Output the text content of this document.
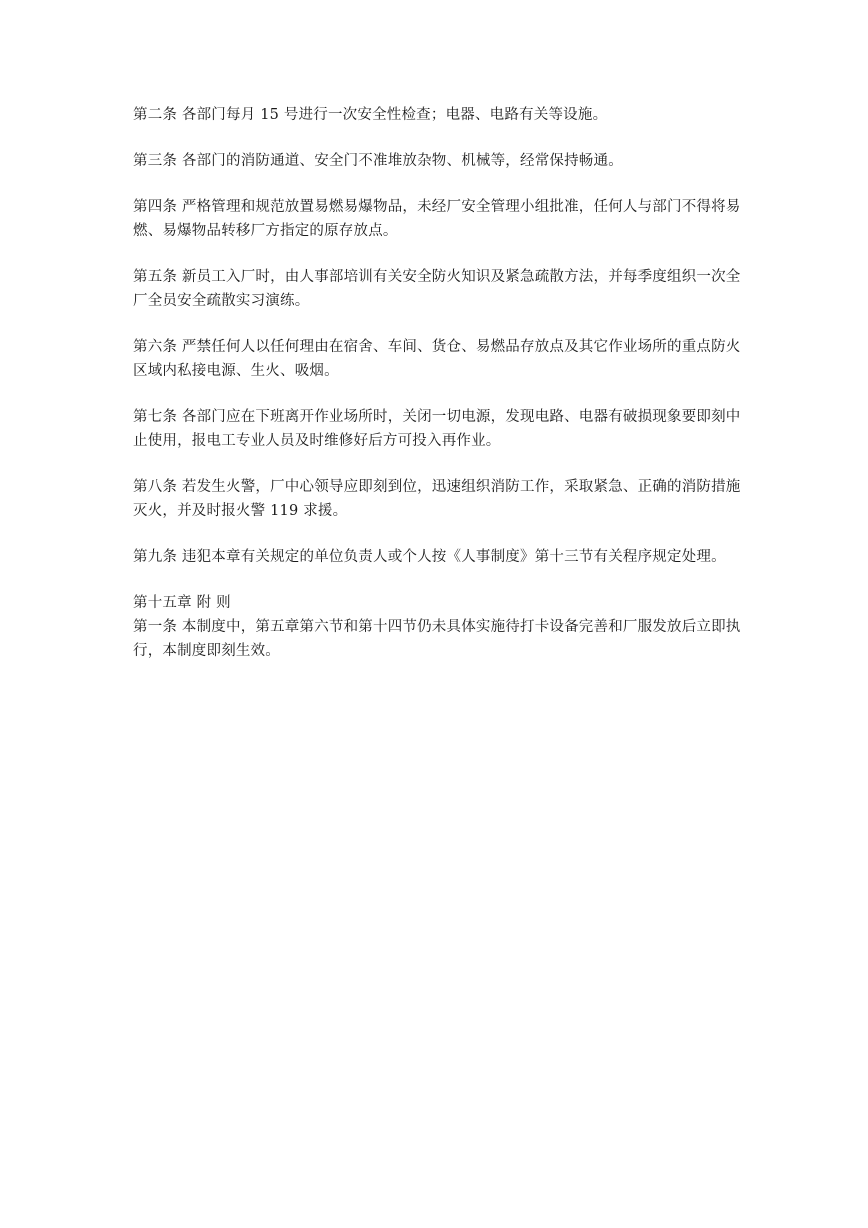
第二条 各部门每月 15 号进行一次安全性检查；电器、电路有关等设施。

第三条 各部门的消防通道、安全门不准堆放杂物、机械等，经常保持畅通。

第四条 严格管理和规范放置易燃易爆物品，未经厂安全管理小组批准，任何人与部门不得将易燃、易爆物品转移厂方指定的原存放点。

第五条 新员工入厂时，由人事部培训有关安全防火知识及紧急疏散方法，并每季度组织一次全厂全员安全疏散实习演练。

第六条 严禁任何人以任何理由在宿舍、车间、货仓、易燃品存放点及其它作业场所的重点防火区域内私接电源、生火、吸烟。

第七条 各部门应在下班离开作业场所时，关闭一切电源，发现电路、电器有破损现象要即刻中止使用，报电工专业人员及时维修好后方可投入再作业。

第八条 若发生火警，厂中心领导应即刻到位，迅速组织消防工作，采取紧急、正确的消防措施灭火，并及时报火警 119 求援。

第九条 违犯本章有关规定的单位负责人或个人按《人事制度》第十三节有关程序规定处理。

第十五章 附 则

第一条 本制度中，第五章第六节和第十四节仍未具体实施待打卡设备完善和厂服发放后立即执行，本制度即刻生效。
